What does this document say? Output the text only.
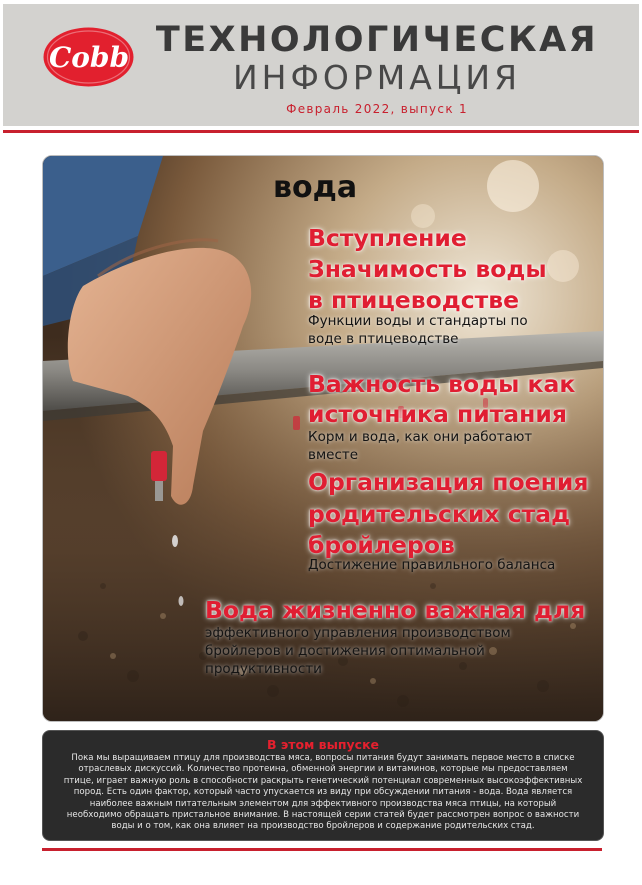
Cobb ТЕХНОЛОГИЧЕСКАЯ
ИНФОРМАЦИЯ
Февраль 2022, выпуск 1
вода
Вступление
Значимость воды
в птицеводстве
Функции воды и стандарты по
воде в птицеводстве
Важность воды как
источника питания
Корм и вода, как они работают
вместе
Организация поения
родительских стад
бройлеров
Достижение правильного баланса
Вода жизненно важная для
эффективного управления производством
бройлеров и достижения оптимальной
продуктивности
В этом выпуске
Пока мы выращиваем птицу для производства мяса, вопросы питания будут занимать первое место в списке
отраслевых дискуссий. Количество протеина, обменной энергии и витаминов, которые мы предоставляем
птице, играет важную роль в способности раскрыть генетический потенциал современных высокоэффективных
пород. Есть один фактор, который часто упускается из виду при обсуждении питания - вода. Вода является
наиболее важным питательным элементом для эффективного производства мяса птицы, на который
необходимо обращать пристальное внимание. В настоящей серии статей будет рассмотрен вопрос о важности
воды и о том, как она влияет на производство бройлеров и содержание родительских стад.
